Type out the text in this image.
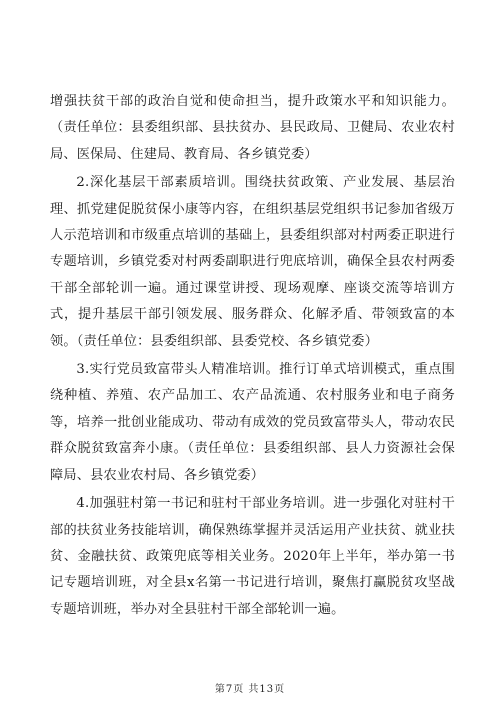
增强扶贫干部的政治自觉和使命担当，提升政策水平和知识能力。（责任单位：县委组织部、县扶贫办、县民政局、卫健局、农业农村局、医保局、住建局、教育局、各乡镇党委）

2.深化基层干部素质培训。围绕扶贫政策、产业发展、基层治理、抓党建促脱贫保小康等内容，在组织基层党组织书记参加省级万人示范培训和市级重点培训的基础上，县委组织部对村两委正职进行专题培训，乡镇党委对村两委副职进行兜底培训，确保全县农村两委干部全部轮训一遍。通过课堂讲授、现场观摩、座谈交流等培训方式，提升基层干部引领发展、服务群众、化解矛盾、带领致富的本领。（责任单位：县委组织部、县委党校、各乡镇党委）

3.实行党员致富带头人精准培训。推行订单式培训模式，重点围绕种植、养殖、农产品加工、农产品流通、农村服务业和电子商务等，培养一批创业能成功、带动有成效的党员致富带头人，带动农民群众脱贫致富奔小康。（责任单位：县委组织部、县人力资源社会保障局、县农业农村局、各乡镇党委）

4.加强驻村第一书记和驻村干部业务培训。进一步强化对驻村干部的扶贫业务技能培训，确保熟练掌握并灵活运用产业扶贫、就业扶贫、金融扶贫、政策兜底等相关业务。2020年上半年，举办第一书记专题培训班，对全县x名第一书记进行培训，聚焦打赢脱贫攻坚战专题培训班，举办对全县驻村干部全部轮训一遍。

第7页 共13页
